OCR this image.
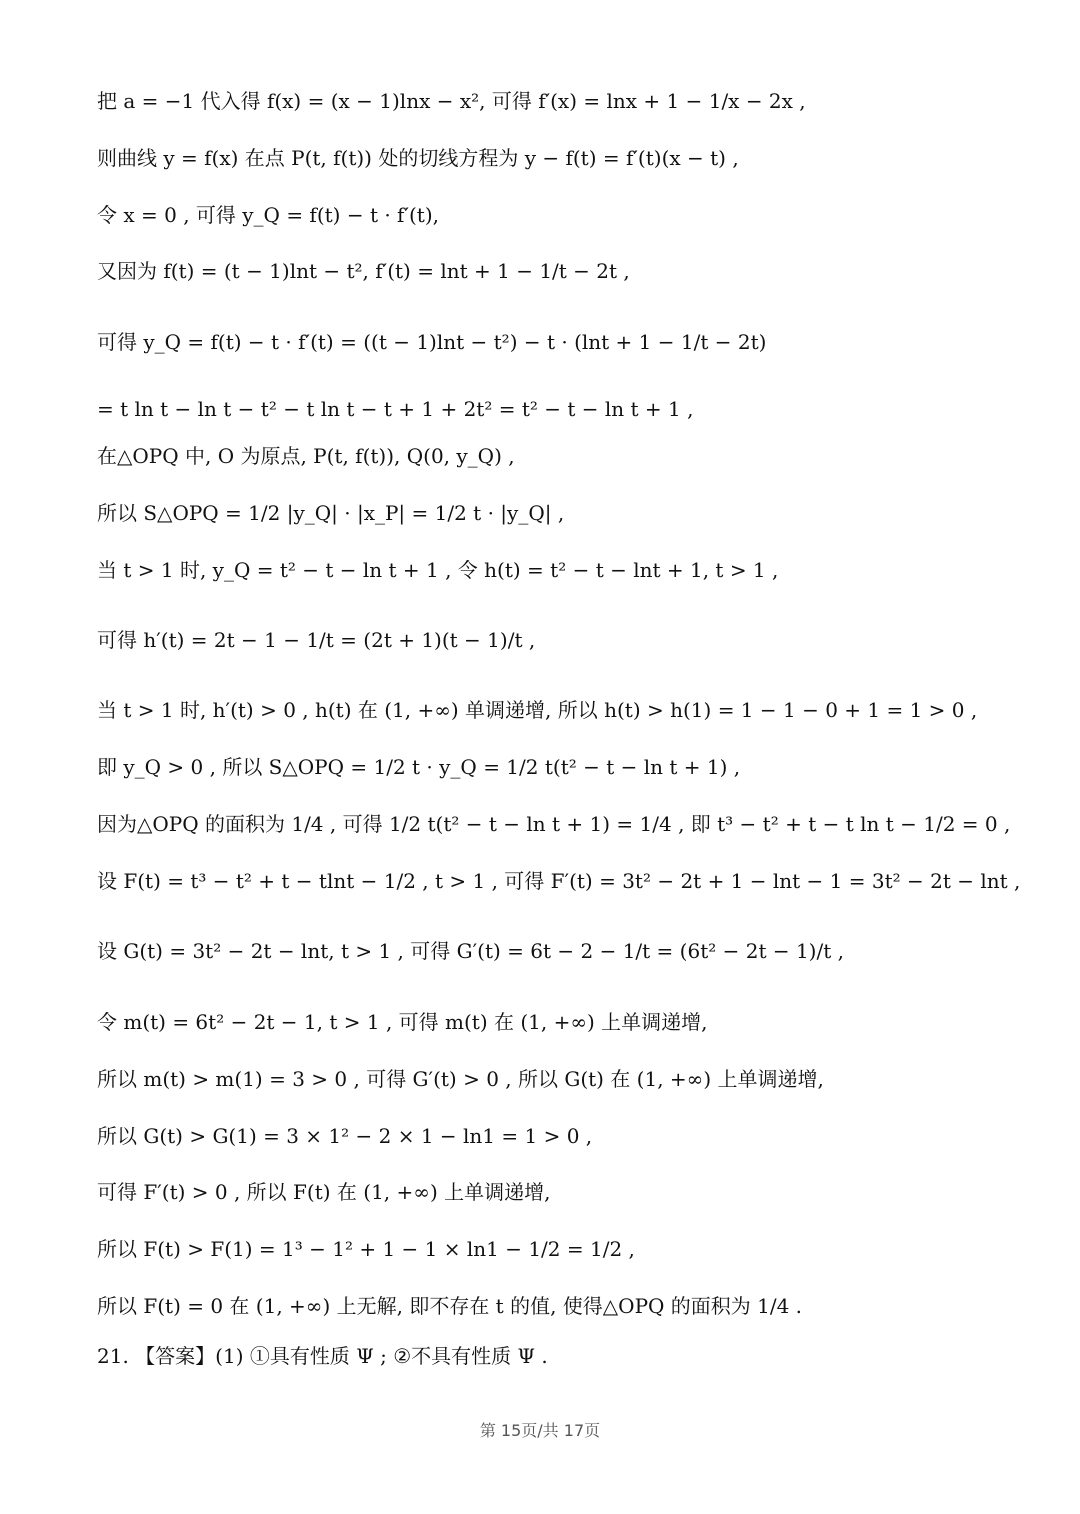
把 a = −1 代入得 f(x) = (x − 1)lnx − x², 可得 f′(x) = lnx + 1 − 1/x − 2x ,
则曲线 y = f(x) 在点 P(t, f(t)) 处的切线方程为 y − f(t) = f′(t)(x − t) ,
令 x = 0 , 可得 y_Q = f(t) − t · f′(t),
又因为 f(t) = (t − 1)lnt − t², f′(t) = lnt + 1 − 1/t − 2t ,
可得 y_Q = f(t) − t · f′(t) = ((t − 1)lnt − t²) − t · (lnt + 1 − 1/t − 2t)
= t ln t − ln t − t² − t ln t − t + 1 + 2t² = t² − t − ln t + 1 ,
在△OPQ 中, O 为原点, P(t, f(t)), Q(0, y_Q) ,
所以 S△OPQ = 1/2 |y_Q| · |x_P| = 1/2 t · |y_Q| ,
当 t > 1 时, y_Q = t² − t − ln t + 1 , 令 h(t) = t² − t − lnt + 1, t > 1 ,
可得 h′(t) = 2t − 1 − 1/t = (2t + 1)(t − 1)/t ,
当 t > 1 时, h′(t) > 0 , h(t) 在 (1, +∞) 单调递增, 所以 h(t) > h(1) = 1 − 1 − 0 + 1 = 1 > 0 ,
即 y_Q > 0 , 所以 S△OPQ = 1/2 t · y_Q = 1/2 t(t² − t − ln t + 1) ,
因为△OPQ 的面积为 1/4 , 可得 1/2 t(t² − t − ln t + 1) = 1/4 , 即 t³ − t² + t − t ln t − 1/2 = 0 ,
设 F(t) = t³ − t² + t − tlnt − 1/2 , t > 1 , 可得 F′(t) = 3t² − 2t + 1 − lnt − 1 = 3t² − 2t − lnt ,
设 G(t) = 3t² − 2t − lnt, t > 1 , 可得 G′(t) = 6t − 2 − 1/t = (6t² − 2t − 1)/t ,
令 m(t) = 6t² − 2t − 1, t > 1 , 可得 m(t) 在 (1, +∞) 上单调递增,
所以 m(t) > m(1) = 3 > 0 , 可得 G′(t) > 0 , 所以 G(t) 在 (1, +∞) 上单调递增,
所以 G(t) > G(1) = 3 × 1² − 2 × 1 − ln1 = 1 > 0 ,
可得 F′(t) > 0 , 所以 F(t) 在 (1, +∞) 上单调递增,
所以 F(t) > F(1) = 1³ − 1² + 1 − 1 × ln1 − 1/2 = 1/2 ,
所以 F(t) = 0 在 (1, +∞) 上无解, 即不存在 t 的值, 使得△OPQ 的面积为 1/4 .
21. 【答案】(1) ①具有性质 Ψ ; ②不具有性质 Ψ .
第 15页/共 17页
